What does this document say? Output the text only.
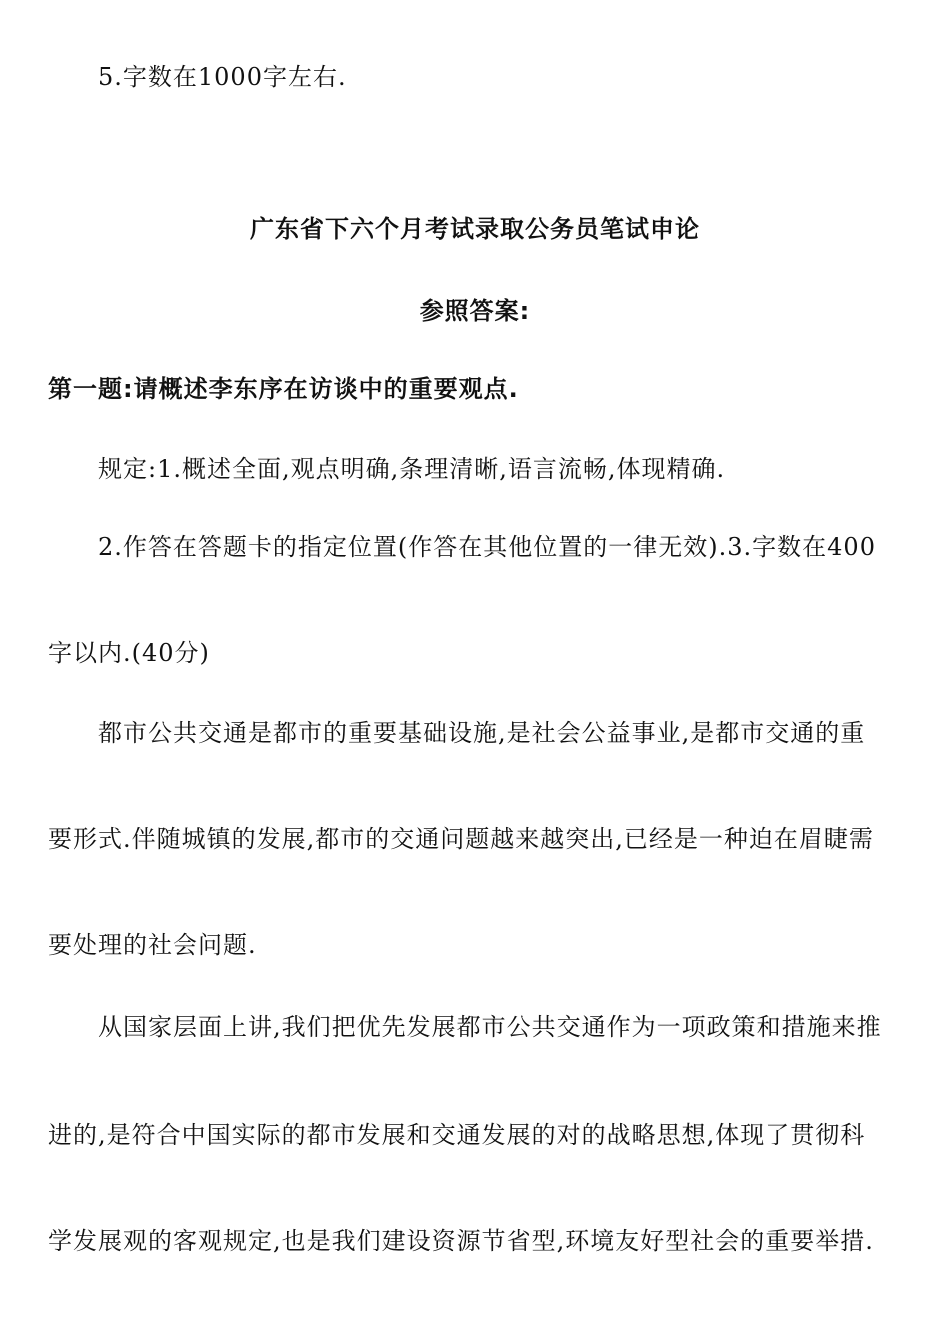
5.字数在1000字左右.
广东省下六个月考试录取公务员笔试申论
参照答案:
第一题:请概述李东序在访谈中的重要观点.
规定:1.概述全面,观点明确,条理清晰,语言流畅,体现精确.
2.作答在答题卡的指定位置(作答在其他位置的一律无效).3.字数在400
字以内.(40分)
都市公共交通是都市的重要基础设施,是社会公益事业,是都市交通的重
要形式.伴随城镇的发展,都市的交通问题越来越突出,已经是一种迫在眉睫需
要处理的社会问题.
从国家层面上讲,我们把优先发展都市公共交通作为一项政策和措施来推
进的,是符合中国实际的都市发展和交通发展的对的战略思想,体现了贯彻科
学发展观的客观规定,也是我们建设资源节省型,环境友好型社会的重要举措.
